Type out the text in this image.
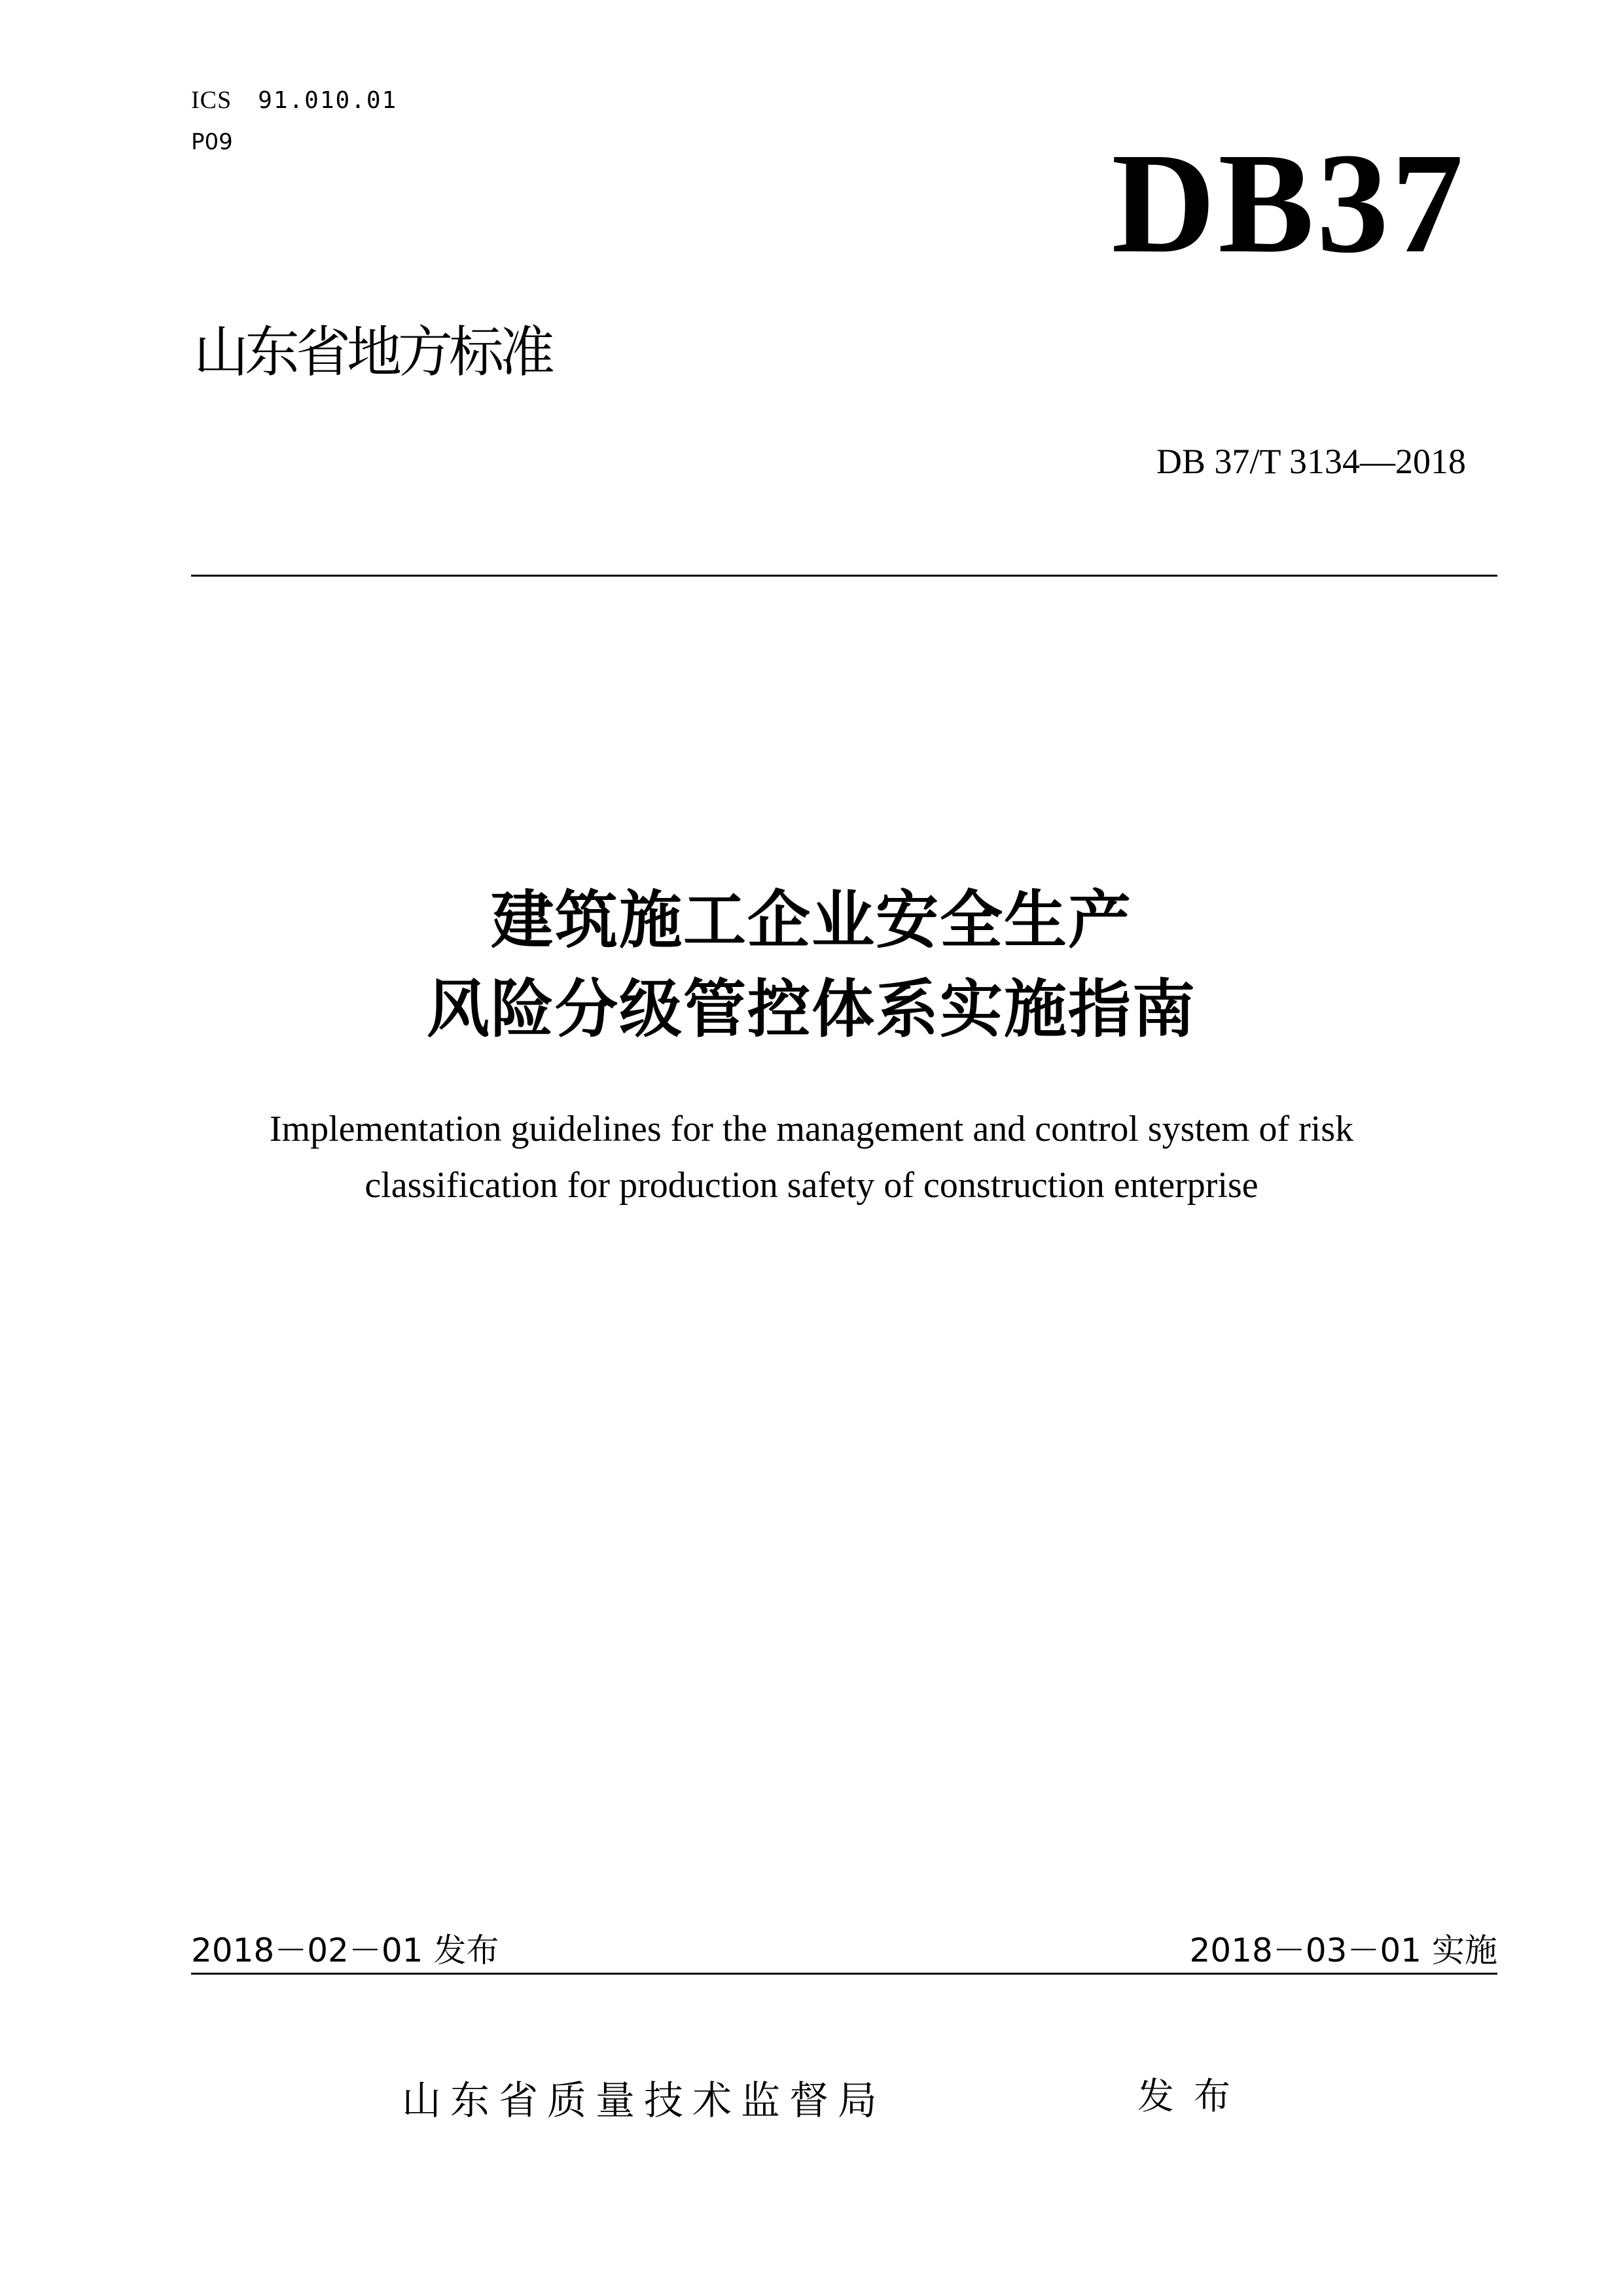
ICS 91.010.01
P09	DB37
山东省地方标准
DB 37/T 3134—2018
建筑施工企业安全生产
风险分级管控体系实施指南
Implementation guidelines for the management and control system of risk
classification for production safety of construction enterprise
2018－02－01 发布	2018－03－01 实施
山东省质量技术监督局	发布
